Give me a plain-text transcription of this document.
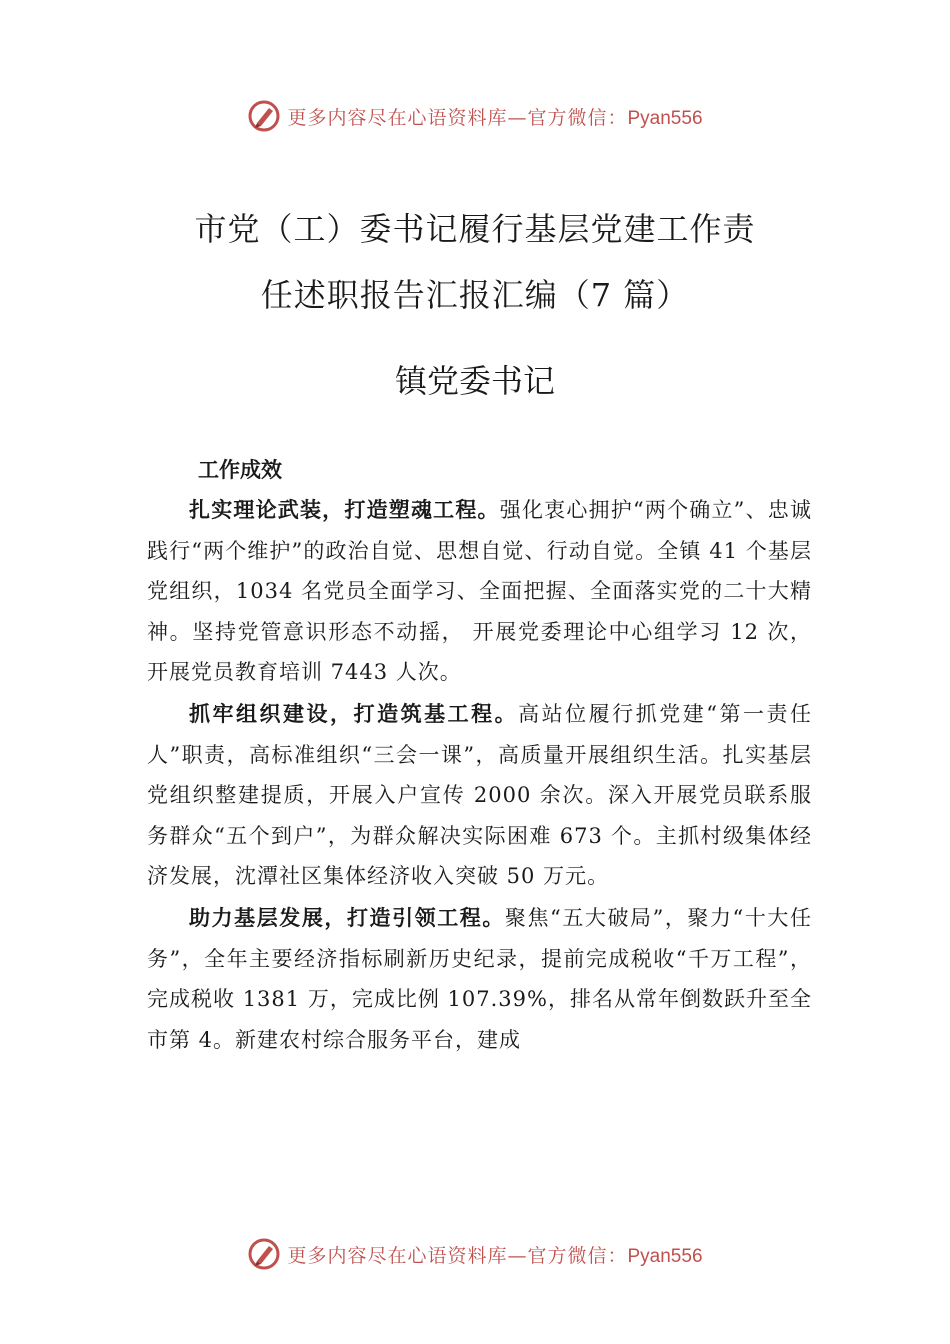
更多内容尽在心语资料库—官方微信：Pyan556
市党（工）委书记履行基层党建工作责
任述职报告汇报汇编（7 篇）
镇党委书记
工作成效

扎实理论武装，打造塑魂工程。强化衷心拥护“两个确立”、忠诚践行“两个维护”的政治自觉、思想自觉、行动自觉。全镇 41 个基层党组织，1034 名党员全面学习、全面把握、全面落实党的二十大精神。坚持党管意识形态不动摇， 开展党委理论中心组学习 12 次，开展党员教育培训 7443 人次。

抓牢组织建设，打造筑基工程。高站位履行抓党建“第一责任人”职责，高标准组织“三会一课”，高质量开展组织生活。扎实基层党组织整建提质，开展入户宣传 2000 余次。深入开展党员联系服务群众“五个到户”，为群众解决实际困难 673 个。主抓村级集体经济发展，沈潭社区集体经济收入突破 50 万元。

助力基层发展，打造引领工程。聚焦“五大破局”，聚力“十大任务”，全年主要经济指标刷新历史纪录，提前完成税收“千万工程”，完成税收 1381 万，完成比例 107.39%，排名从常年倒数跃升至全市第 4。新建农村综合服务平台，建成

更多内容尽在心语资料库—官方微信：Pyan556
